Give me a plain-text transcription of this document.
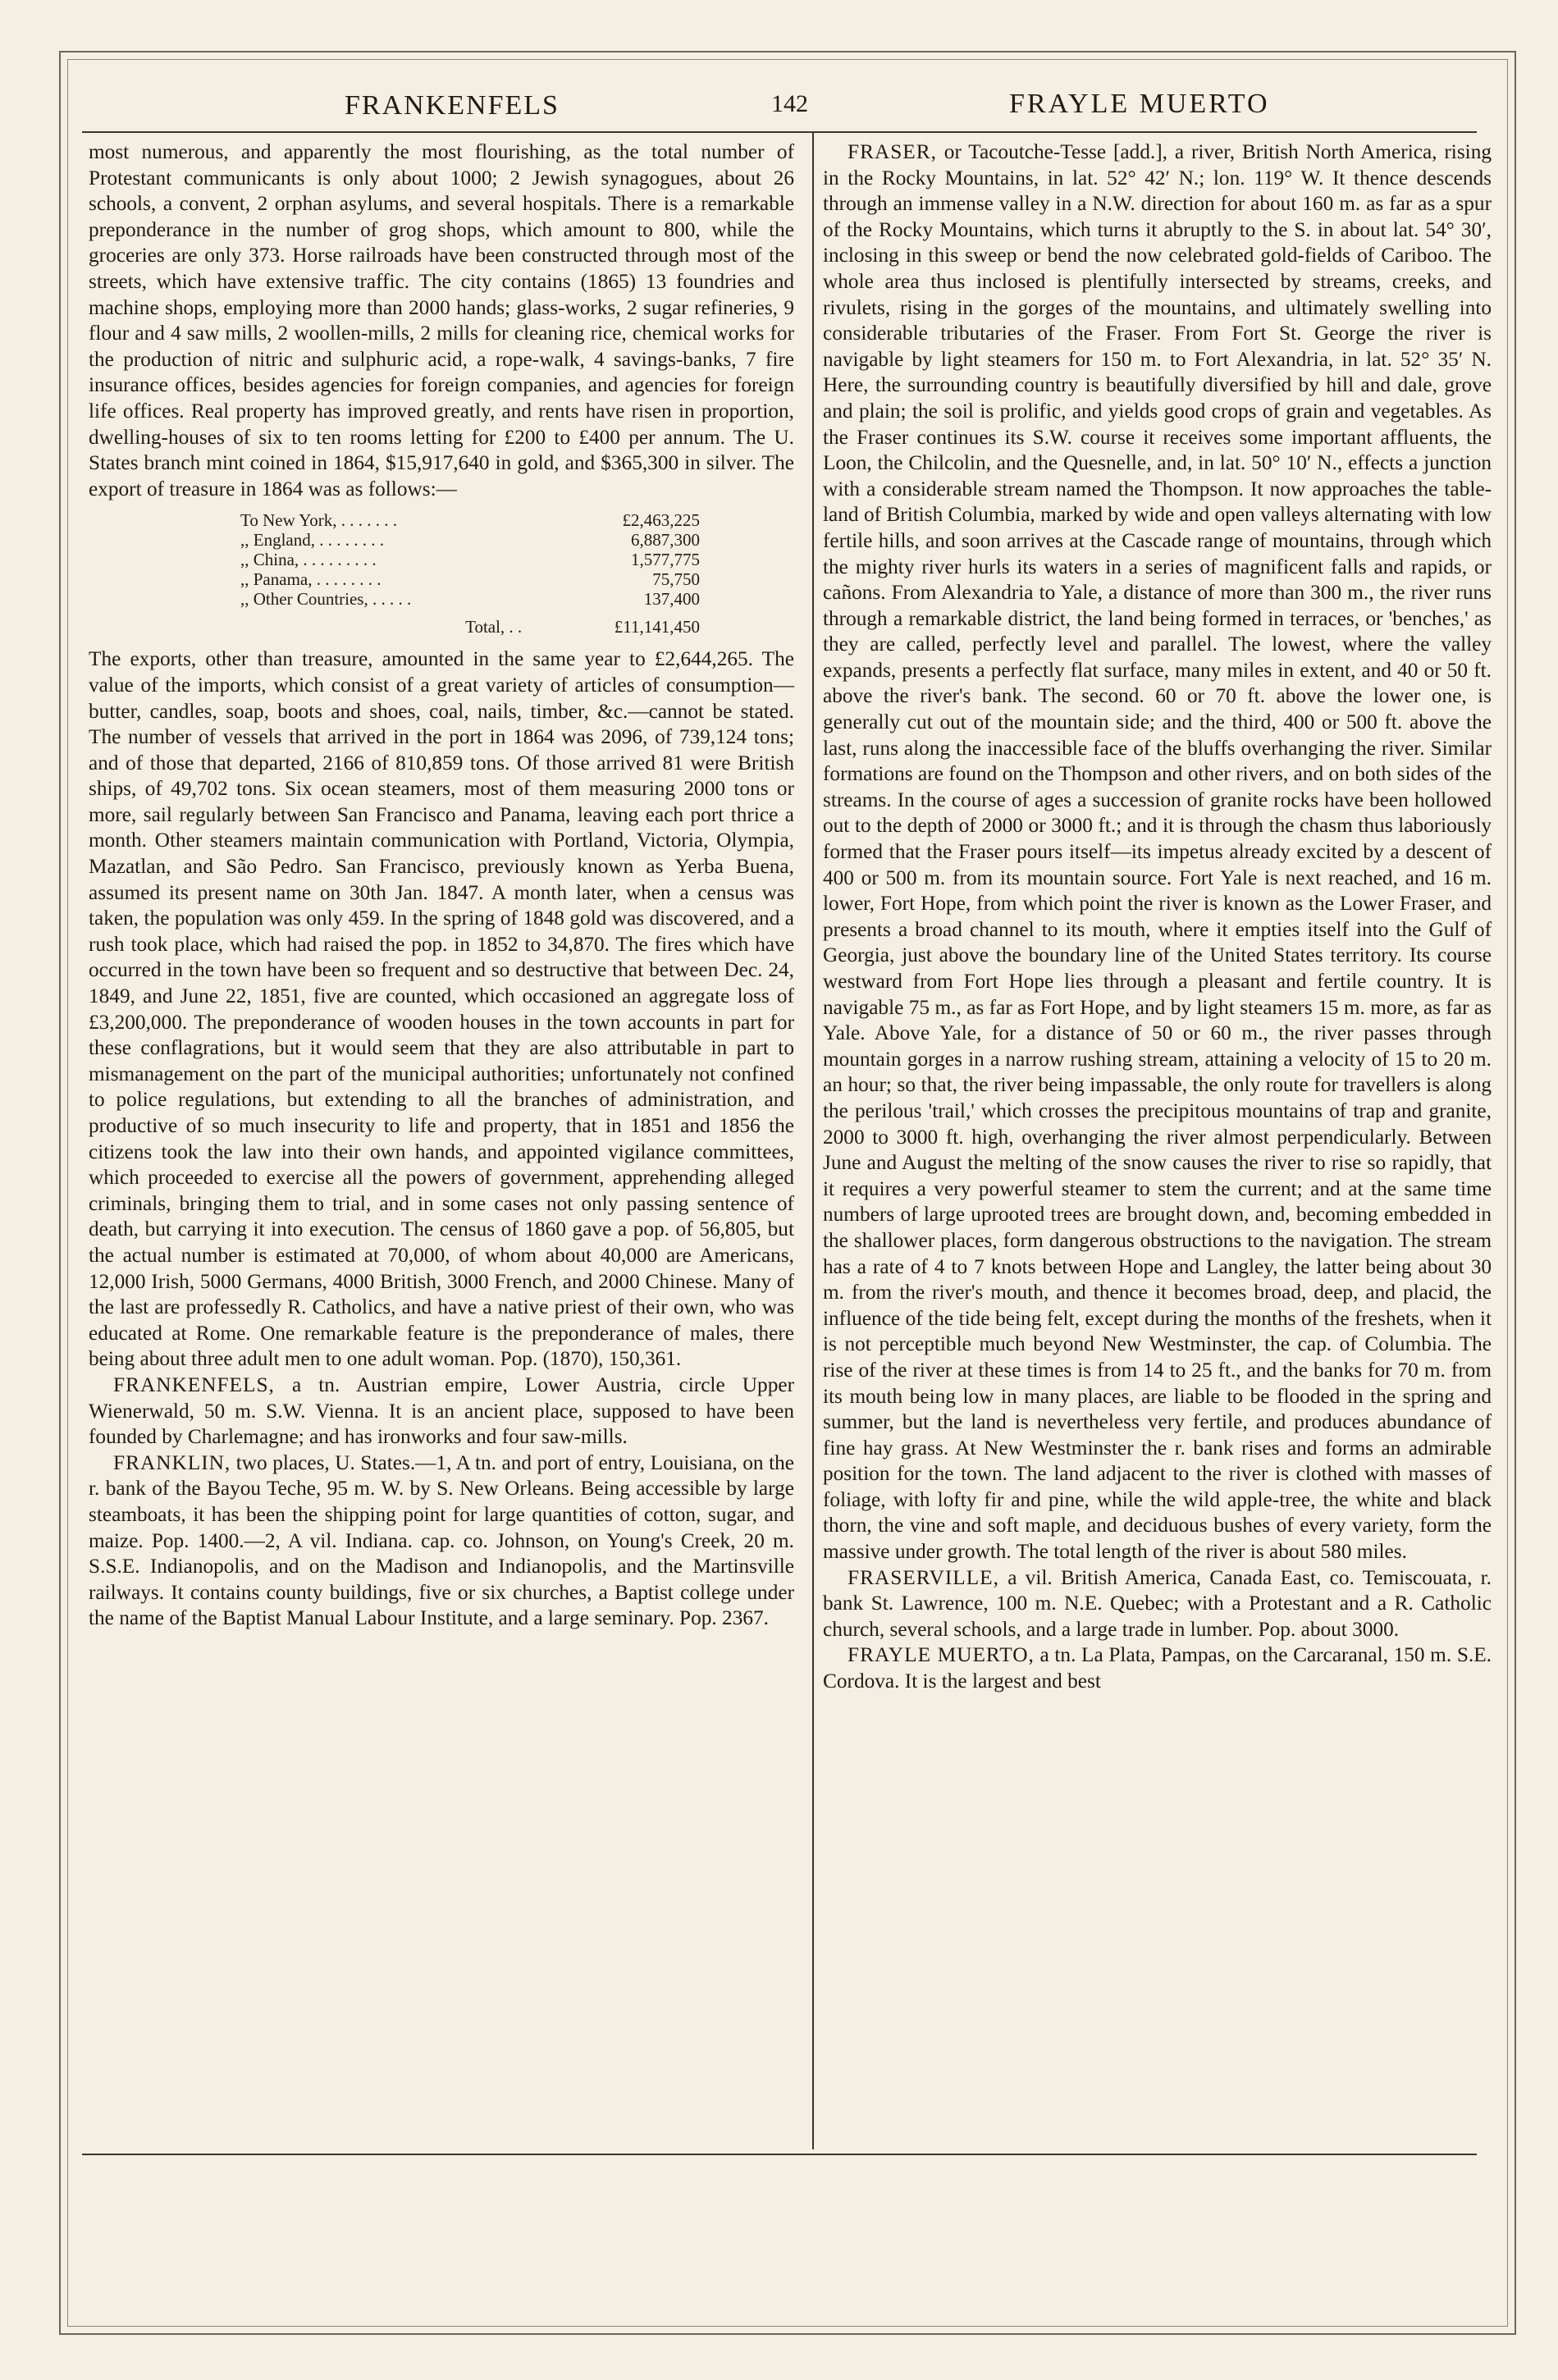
FRANKENFELS	142	FRAYLE MUERTO

most numerous, and apparently the most flourishing, as the total number of Protestant communicants is only about 1000; 2 Jewish synagogues, about 26 schools, a convent, 2 orphan asylums, and several hospitals. There is a remarkable preponderance in the number of grog shops, which amount to 800, while the groceries are only 373. Horse railroads have been constructed through most of the streets, which have extensive traffic. The city contains (1865) 13 foundries and machine shops, employing more than 2000 hands; glass-works, 2 sugar refineries, 9 flour and 4 saw mills, 2 woollen-mills, 2 mills for cleaning rice, chemical works for the production of nitric and sulphuric acid, a rope-walk, 4 savings-banks, 7 fire insurance offices, besides agencies for foreign companies, and agencies for foreign life offices. Real property has improved greatly, and rents have risen in proportion, dwelling-houses of six to ten rooms letting for £200 to £400 per annum. The U. States branch mint coined in 1864, $15,917,640 in gold, and $365,300 in silver. The export of treasure in 1864 was as follows:—

To New York, . . . . . . .	£2,463,225
,, England, . . . . . . . .	6,887,300
,, China, . . . . . . . . .	1,577,775
,, Panama, . . . . . . . .	75,750
,, Other Countries, . . . . .	137,400
Total, . .	£11,141,450

The exports, other than treasure, amounted in the same year to £2,644,265. The value of the imports, which consist of a great variety of articles of consumption—butter, candles, soap, boots and shoes, coal, nails, timber, &c.—cannot be stated. The number of vessels that arrived in the port in 1864 was 2096, of 739,124 tons; and of those that departed, 2166 of 810,859 tons. Of those arrived 81 were British ships, of 49,702 tons. Six ocean steamers, most of them measuring 2000 tons or more, sail regularly between San Francisco and Panama, leaving each port thrice a month. Other steamers maintain communication with Portland, Victoria, Olympia, Mazatlan, and São Pedro. San Francisco, previously known as Yerba Buena, assumed its present name on 30th Jan. 1847. A month later, when a census was taken, the population was only 459. In the spring of 1848 gold was discovered, and a rush took place, which had raised the pop. in 1852 to 34,870. The fires which have occurred in the town have been so frequent and so destructive that between Dec. 24, 1849, and June 22, 1851, five are counted, which occasioned an aggregate loss of £3,200,000. The preponderance of wooden houses in the town accounts in part for these conflagrations, but it would seem that they are also attributable in part to mismanagement on the part of the municipal authorities; unfortunately not confined to police regulations, but extending to all the branches of administration, and productive of so much insecurity to life and property, that in 1851 and 1856 the citizens took the law into their own hands, and appointed vigilance committees, which proceeded to exercise all the powers of government, apprehending alleged criminals, bringing them to trial, and in some cases not only passing sentence of death, but carrying it into execution. The census of 1860 gave a pop. of 56,805, but the actual number is estimated at 70,000, of whom about 40,000 are Americans, 12,000 Irish, 5000 Germans, 4000 British, 3000 French, and 2000 Chinese. Many of the last are professedly R. Catholics, and have a native priest of their own, who was educated at Rome. One remarkable feature is the preponderance of males, there being about three adult men to one adult woman. Pop. (1870), 150,361.

FRANKENFELS, a tn. Austrian empire, Lower Austria, circle Upper Wienerwald, 50 m. S.W. Vienna. It is an ancient place, supposed to have been founded by Charlemagne; and has ironworks and four saw-mills.

FRANKLIN, two places, U. States.—1, A tn. and port of entry, Louisiana, on the r. bank of the Bayou Teche, 95 m. W. by S. New Orleans. Being accessible by large steamboats, it has been the shipping point for large quantities of cotton, sugar, and maize. Pop. 1400.—2, A vil. Indiana. cap. co. Johnson, on Young's Creek, 20 m. S.S.E. Indianopolis, and on the Madison and Indianopolis, and the Martinsville railways. It contains county buildings, five or six churches, a Baptist college under the name of the Baptist Manual Labour Institute, and a large seminary. Pop. 2367.

FRASER, or Tacoutche-Tesse [add.], a river, British North America, rising in the Rocky Mountains, in lat. 52° 42′ N.; lon. 119° W. It thence descends through an immense valley in a N.W. direction for about 160 m. as far as a spur of the Rocky Mountains, which turns it abruptly to the S. in about lat. 54° 30′, inclosing in this sweep or bend the now celebrated gold-fields of Cariboo. The whole area thus inclosed is plentifully intersected by streams, creeks, and rivulets, rising in the gorges of the mountains, and ultimately swelling into considerable tributaries of the Fraser. From Fort St. George the river is navigable by light steamers for 150 m. to Fort Alexandria, in lat. 52° 35′ N. Here, the surrounding country is beautifully diversified by hill and dale, grove and plain; the soil is prolific, and yields good crops of grain and vegetables. As the Fraser continues its S.W. course it receives some important affluents, the Loon, the Chilcolin, and the Quesnelle, and, in lat. 50° 10′ N., effects a junction with a considerable stream named the Thompson. It now approaches the table-land of British Columbia, marked by wide and open valleys alternating with low fertile hills, and soon arrives at the Cascade range of mountains, through which the mighty river hurls its waters in a series of magnificent falls and rapids, or cañons. From Alexandria to Yale, a distance of more than 300 m., the river runs through a remarkable district, the land being formed in terraces, or 'benches,' as they are called, perfectly level and parallel. The lowest, where the valley expands, presents a perfectly flat surface, many miles in extent, and 40 or 50 ft. above the river's bank. The second. 60 or 70 ft. above the lower one, is generally cut out of the mountain side; and the third, 400 or 500 ft. above the last, runs along the inaccessible face of the bluffs overhanging the river. Similar formations are found on the Thompson and other rivers, and on both sides of the streams. In the course of ages a succession of granite rocks have been hollowed out to the depth of 2000 or 3000 ft.; and it is through the chasm thus laboriously formed that the Fraser pours itself—its impetus already excited by a descent of 400 or 500 m. from its mountain source. Fort Yale is next reached, and 16 m. lower, Fort Hope, from which point the river is known as the Lower Fraser, and presents a broad channel to its mouth, where it empties itself into the Gulf of Georgia, just above the boundary line of the United States territory. Its course westward from Fort Hope lies through a pleasant and fertile country. It is navigable 75 m., as far as Fort Hope, and by light steamers 15 m. more, as far as Yale. Above Yale, for a distance of 50 or 60 m., the river passes through mountain gorges in a narrow rushing stream, attaining a velocity of 15 to 20 m. an hour; so that, the river being impassable, the only route for travellers is along the perilous 'trail,' which crosses the precipitous mountains of trap and granite, 2000 to 3000 ft. high, overhanging the river almost perpendicularly. Between June and August the melting of the snow causes the river to rise so rapidly, that it requires a very powerful steamer to stem the current; and at the same time numbers of large uprooted trees are brought down, and, becoming embedded in the shallower places, form dangerous obstructions to the navigation. The stream has a rate of 4 to 7 knots between Hope and Langley, the latter being about 30 m. from the river's mouth, and thence it becomes broad, deep, and placid, the influence of the tide being felt, except during the months of the freshets, when it is not perceptible much beyond New Westminster, the cap. of Columbia. The rise of the river at these times is from 14 to 25 ft., and the banks for 70 m. from its mouth being low in many places, are liable to be flooded in the spring and summer, but the land is nevertheless very fertile, and produces abundance of fine hay grass. At New Westminster the r. bank rises and forms an admirable position for the town. The land adjacent to the river is clothed with masses of foliage, with lofty fir and pine, while the wild apple-tree, the white and black thorn, the vine and soft maple, and deciduous bushes of every variety, form the massive under growth. The total length of the river is about 580 miles.

FRASERVILLE, a vil. British America, Canada East, co. Temiscouata, r. bank St. Lawrence, 100 m. N.E. Quebec; with a Protestant and a R. Catholic church, several schools, and a large trade in lumber. Pop. about 3000.

FRAYLE MUERTO, a tn. La Plata, Pampas, on the Carcaranal, 150 m. S.E. Cordova. It is the largest and best
